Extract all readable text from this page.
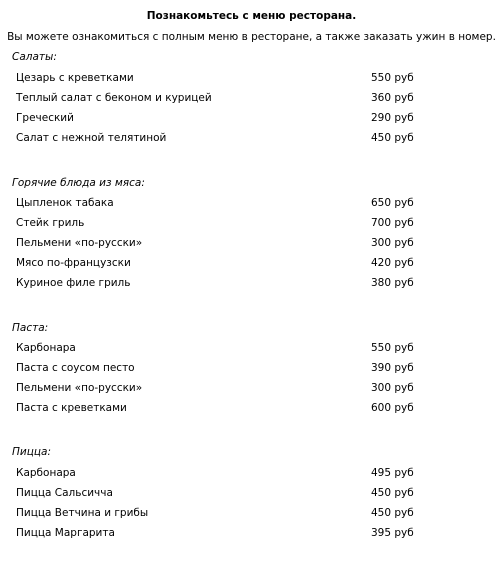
Познакомьтесь с меню ресторана.
Вы можете ознакомиться с полным меню в ресторане, а также заказать ужин в номер.
Салаты:
Цезарь с креветками	550 руб
Теплый салат с беконом и курицей	360 руб
Греческий	290 руб
Салат с нежной телятиной	450 руб
Горячие блюда из мяса:
Цыпленок табака	650 руб
Стейк гриль	700 руб
Пельмени «по-русски»	300 руб
Мясо по-французски	420 руб
Куриное филе гриль	380 руб
Паста:
Карбонара	550 руб
Паста с соусом песто	390 руб
Пельмени «по-русски»	300 руб
Паста с креветками	600 руб
Пицца:
Карбонара	495 руб
Пицца Сальсичча	450 руб
Пицца Ветчина и грибы	450 руб
Пицца Маргарита	395 руб
